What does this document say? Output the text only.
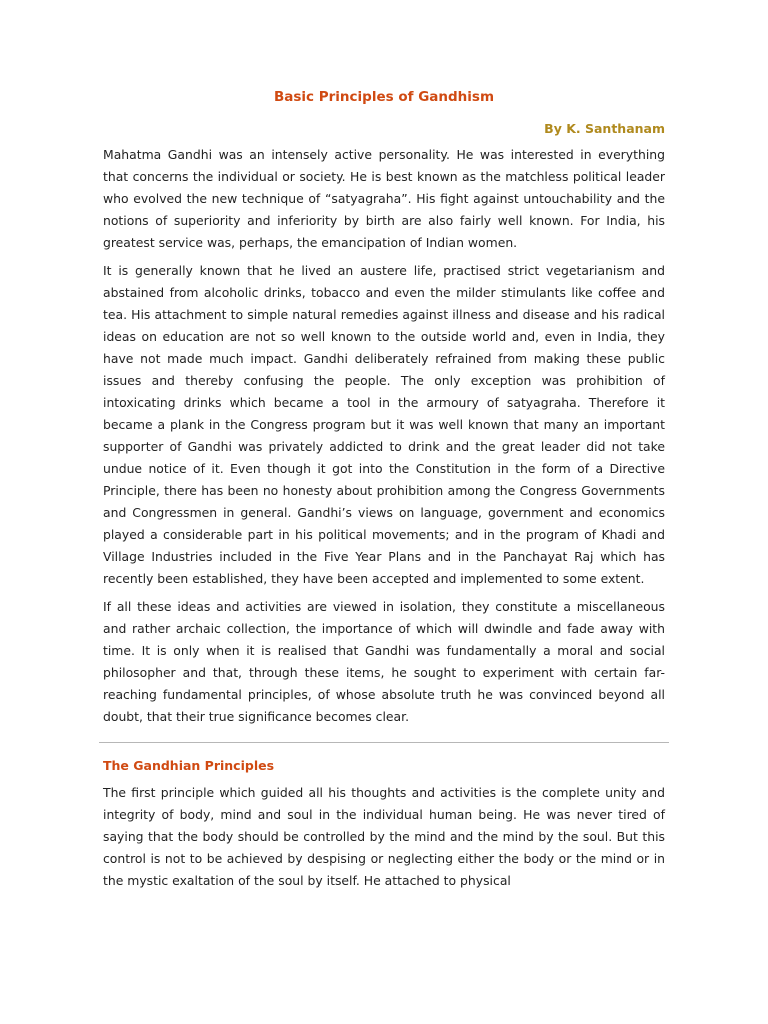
Basic Principles of Gandhism
By K. Santhanam

Mahatma Gandhi was an intensely active personality. He was interested in everything that concerns the individual or society. He is best known as the matchless political leader who evolved the new technique of “satyagraha”. His fight against untouchability and the notions of superiority and inferiority by birth are also fairly well known. For India, his greatest service was, perhaps, the emancipation of Indian women.

It is generally known that he lived an austere life, practised strict vegetarianism and abstained from alcoholic drinks, tobacco and even the milder stimulants like coffee and tea. His attachment to simple natural remedies against illness and disease and his radical ideas on education are not so well known to the outside world and, even in India, they have not made much impact. Gandhi deliberately refrained from making these public issues and thereby confusing the people. The only exception was prohibition of intoxicating drinks which became a tool in the armoury of satyagraha. Therefore it became a plank in the Congress program but it was well known that many an important supporter of Gandhi was privately addicted to drink and the great leader did not take undue notice of it. Even though it got into the Constitution in the form of a Directive Principle, there has been no honesty about prohibition among the Congress Governments and Congressmen in general. Gandhi’s views on language, government and economics played a considerable part in his political movements; and in the program of Khadi and Village Industries included in the Five Year Plans and in the Panchayat Raj which has recently been established, they have been accepted and implemented to some extent.

If all these ideas and activities are viewed in isolation, they constitute a miscellaneous and rather archaic collection, the importance of which will dwindle and fade away with time. It is only when it is realised that Gandhi was fundamentally a moral and social philosopher and that, through these items, he sought to experiment with certain far-reaching fundamental principles, of whose absolute truth he was convinced beyond all doubt, that their true significance becomes clear.

The Gandhian Principles

The first principle which guided all his thoughts and activities is the complete unity and integrity of body, mind and soul in the individual human being. He was never tired of saying that the body should be controlled by the mind and the mind by the soul. But this control is not to be achieved by despising or neglecting either the body or the mind or in the mystic exaltation of the soul by itself. He attached to physical
